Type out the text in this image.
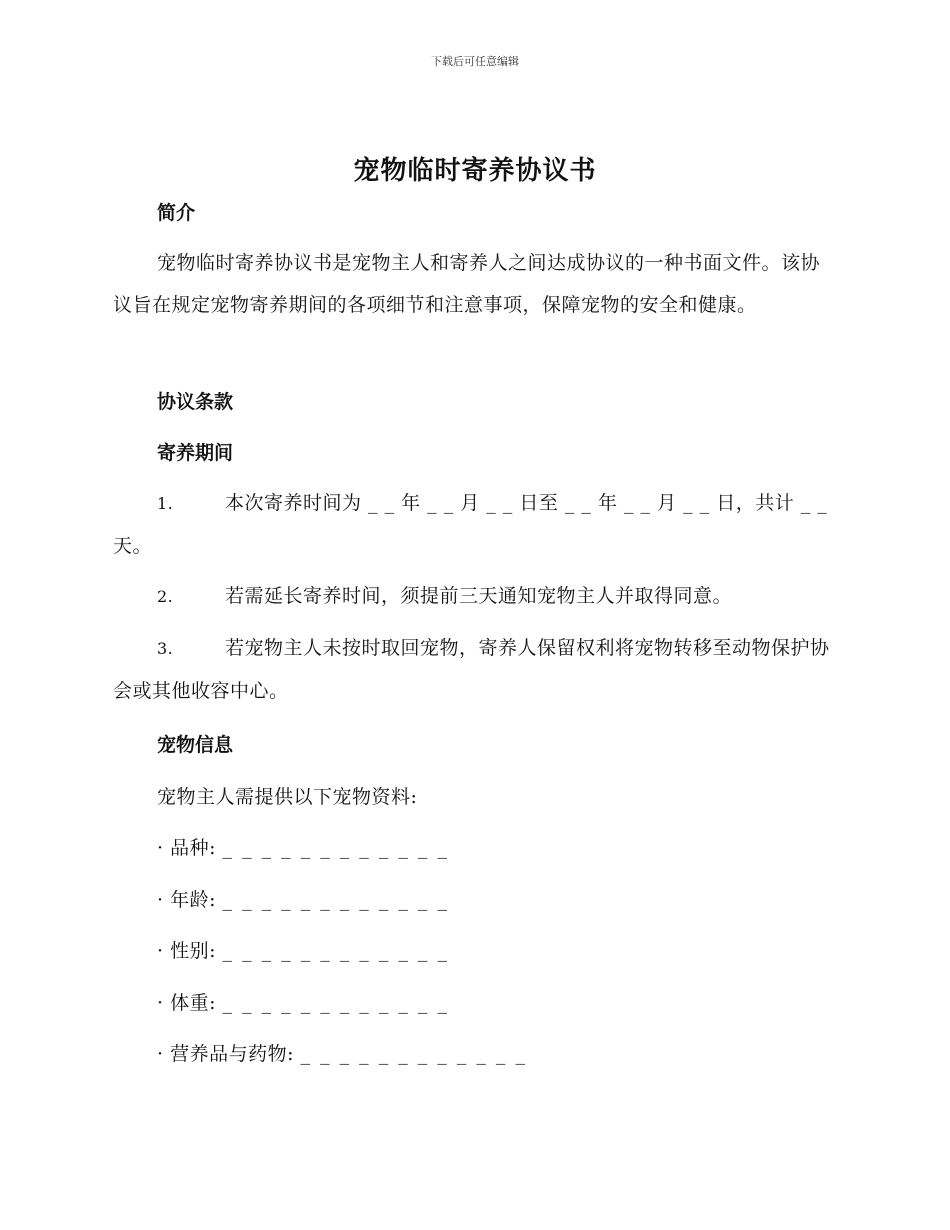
下载后可任意编辑
宠物临时寄养协议书
简介

宠物临时寄养协议书是宠物主人和寄养人之间达成协议的一种书面文件。该协议旨在规定宠物寄养期间的各项细节和注意事项，保障宠物的安全和健康。

协议条款
寄养期间

1.	本次寄养时间为 _ _ 年 _ _ 月 _ _ 日至 _ _ 年 _ _ 月 _ _ 日，共计 _ _ 天。

2.	若需延长寄养时间，须提前三天通知宠物主人并取得同意。

3.	若宠物主人未按时取回宠物，寄养人保留权利将宠物转移至动物保护协会或其他收容中心。

宠物信息

宠物主人需提供以下宠物资料:

· 品种: _ _ _ _ _ _ _ _ _ _ _ _

· 年龄: _ _ _ _ _ _ _ _ _ _ _ _

· 性别: _ _ _ _ _ _ _ _ _ _ _ _

· 体重: _ _ _ _ _ _ _ _ _ _ _ _

· 营养品与药物: _ _ _ _ _ _ _ _ _ _ _ _
